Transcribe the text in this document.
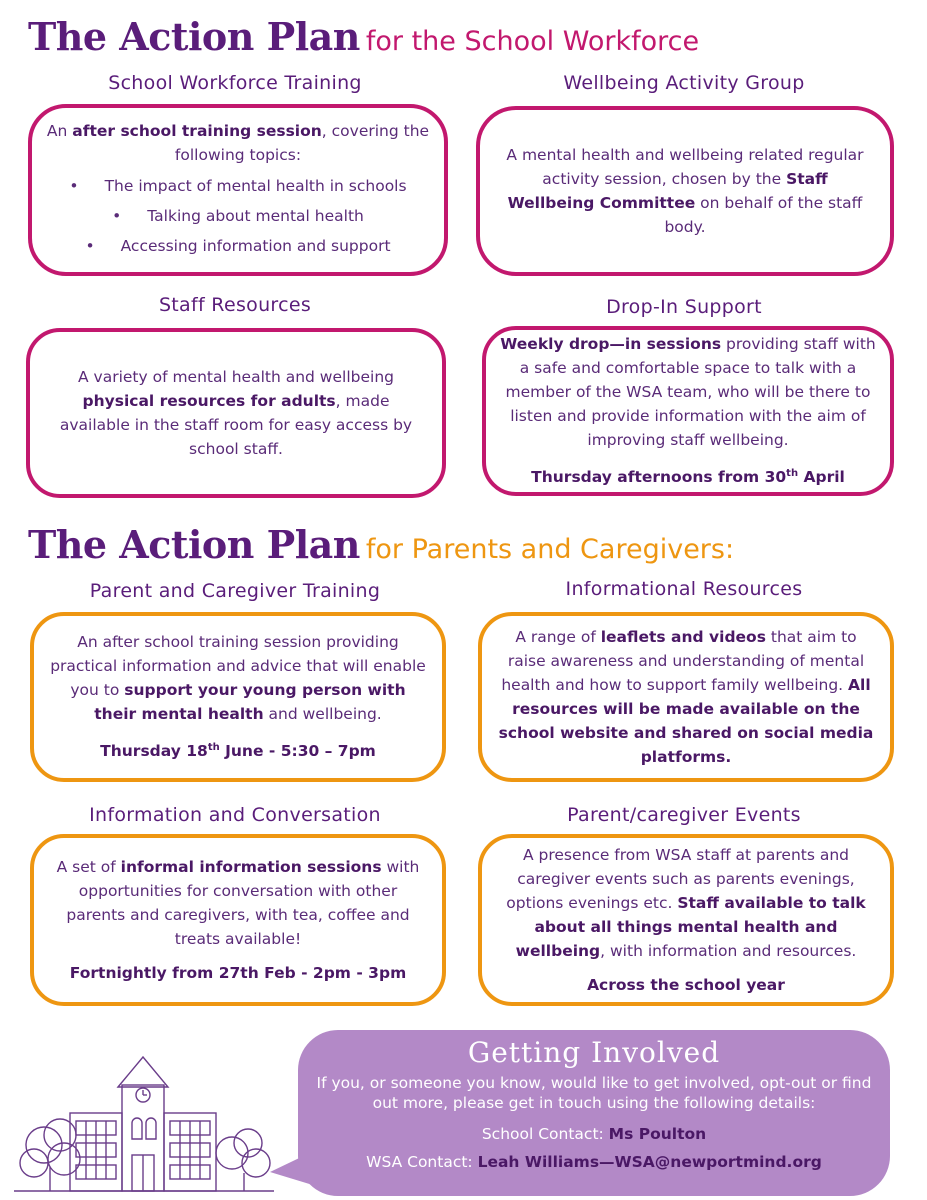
The Action Plan for the School Workforce
School Workforce Training	Wellbeing Activity Group

An after school training session, covering the following topics:

• The impact of mental health in schools
• Talking about mental health
• Accessing information and support

A mental health and wellbeing related regular activity session, chosen by the Staff Wellbeing Committee on behalf of the staff body.

Staff Resources	Drop-In Support

A variety of mental health and wellbeing physical resources for adults, made available in the staff room for easy access by school staff.

Weekly drop—in sessions providing staff with a safe and comfortable space to talk with a member of the WSA team, who will be there to listen and provide information with the aim of improving staff wellbeing.

Thursday afternoons from 30th April

The Action Plan for Parents and Caregivers:
Parent and Caregiver Training	Informational Resources

An after school training session providing practical information and advice that will enable you to support your young person with their mental health and wellbeing.

Thursday 18th June - 5:30 – 7pm

A range of leaflets and videos that aim to raise awareness and understanding of mental health and how to support family wellbeing. All resources will be made available on the school website and shared on social media platforms.

Information and Conversation	Parent/caregiver Events

A set of informal information sessions with opportunities for conversation with other parents and caregivers, with tea, coffee and treats available!

Fortnightly from 27th Feb - 2pm - 3pm

A presence from WSA staff at parents and caregiver events such as parents evenings, options evenings etc. Staff available to talk about all things mental health and wellbeing, with information and resources.

Across the school year

Getting Involved
If you, or someone you know, would like to get involved, opt-out or find out more, please get in touch using the following details:
School Contact: Ms Poulton
WSA Contact: Leah Williams—WSA@newportmind.org
